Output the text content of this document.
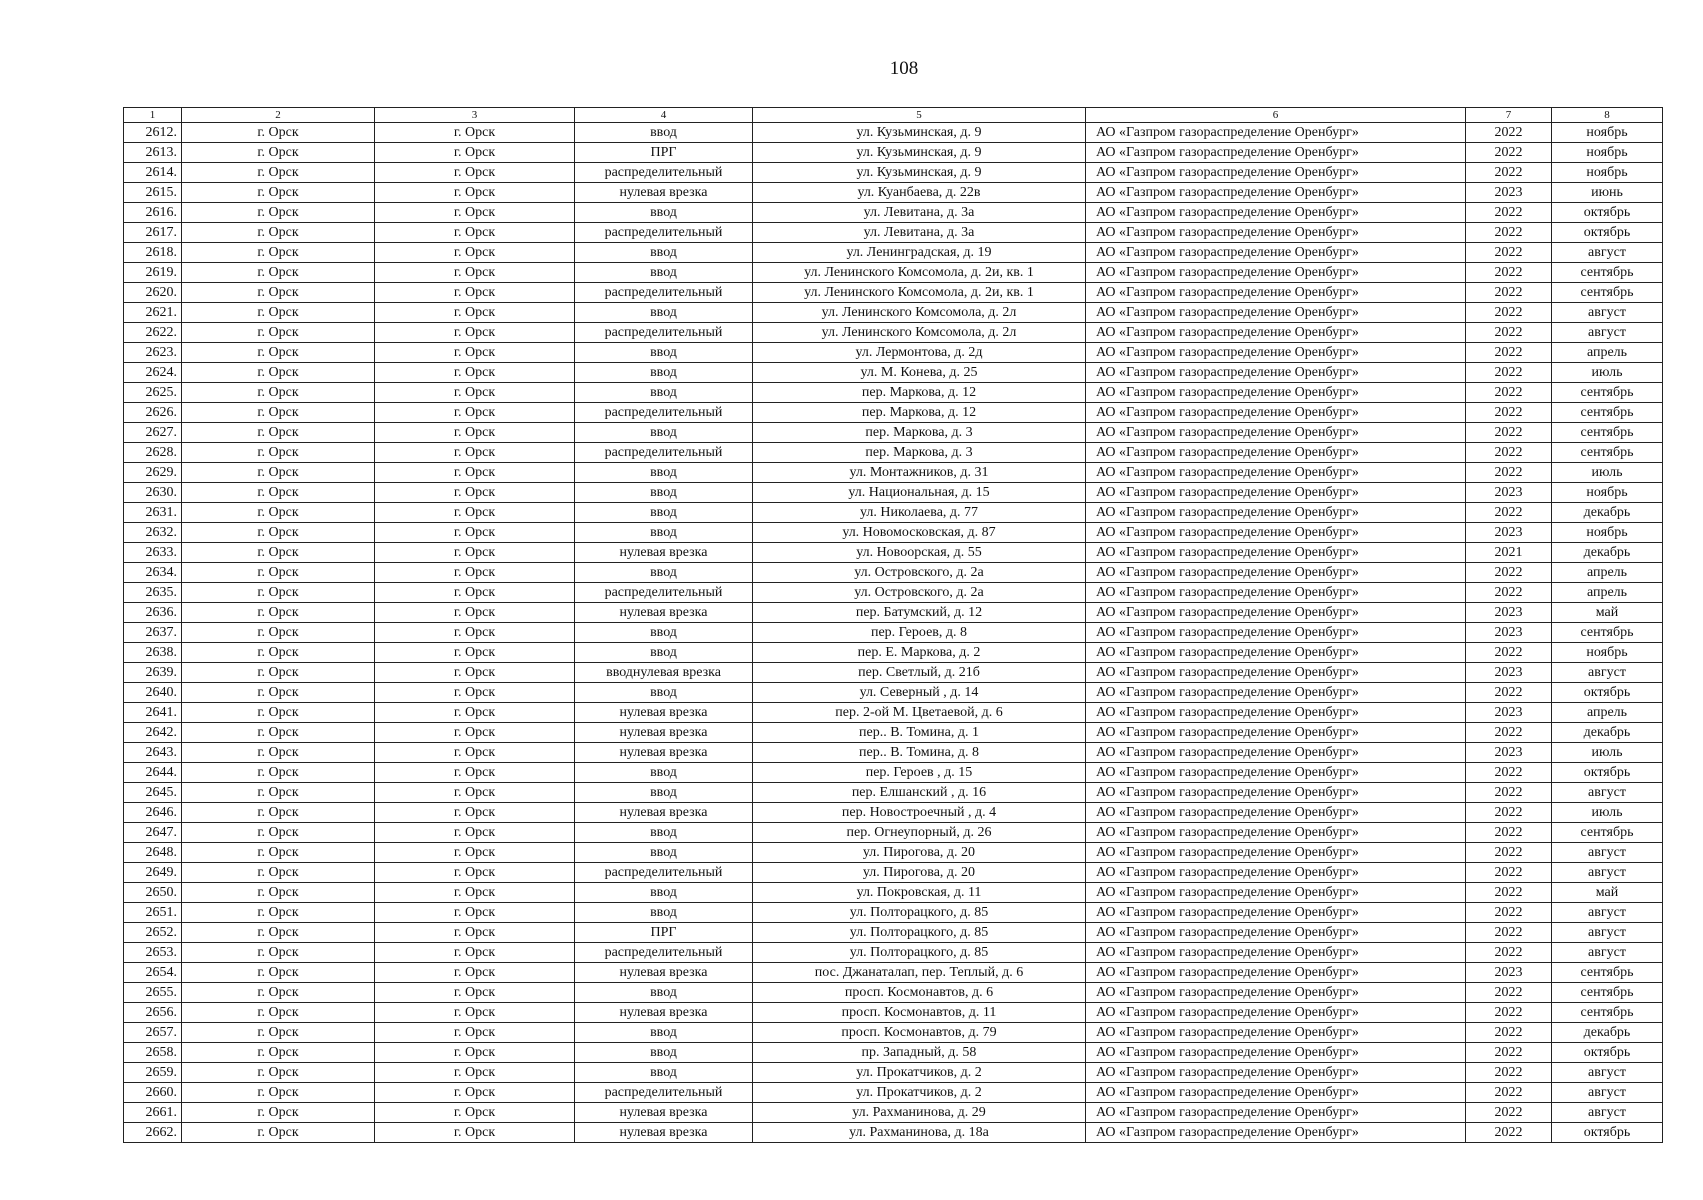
108
1	2	3	4	5	6	7	8
2612.	г. Орск	г. Орск	ввод	ул. Кузьминская, д. 9	АО «Газпром газораспределение Оренбург»	2022	ноябрь
2613.	г. Орск	г. Орск	ПРГ	ул. Кузьминская, д. 9	АО «Газпром газораспределение Оренбург»	2022	ноябрь
2614.	г. Орск	г. Орск	распределительный	ул. Кузьминская, д. 9	АО «Газпром газораспределение Оренбург»	2022	ноябрь
2615.	г. Орск	г. Орск	нулевая врезка	ул. Куанбаева, д. 22в	АО «Газпром газораспределение Оренбург»	2023	июнь
2616.	г. Орск	г. Орск	ввод	ул. Левитана, д. 3а	АО «Газпром газораспределение Оренбург»	2022	октябрь
2617.	г. Орск	г. Орск	распределительный	ул. Левитана, д. 3а	АО «Газпром газораспределение Оренбург»	2022	октябрь
2618.	г. Орск	г. Орск	ввод	ул. Ленинградская, д. 19	АО «Газпром газораспределение Оренбург»	2022	август
2619.	г. Орск	г. Орск	ввод	ул. Ленинского Комсомола, д. 2и, кв. 1	АО «Газпром газораспределение Оренбург»	2022	сентябрь
2620.	г. Орск	г. Орск	распределительный	ул. Ленинского Комсомола, д. 2и, кв. 1	АО «Газпром газораспределение Оренбург»	2022	сентябрь
2621.	г. Орск	г. Орск	ввод	ул. Ленинского Комсомола, д. 2л	АО «Газпром газораспределение Оренбург»	2022	август
2622.	г. Орск	г. Орск	распределительный	ул. Ленинского Комсомола, д. 2л	АО «Газпром газораспределение Оренбург»	2022	август
2623.	г. Орск	г. Орск	ввод	ул. Лермонтова, д. 2д	АО «Газпром газораспределение Оренбург»	2022	апрель
2624.	г. Орск	г. Орск	ввод	ул. М. Конева, д. 25	АО «Газпром газораспределение Оренбург»	2022	июль
2625.	г. Орск	г. Орск	ввод	пер. Маркова, д. 12	АО «Газпром газораспределение Оренбург»	2022	сентябрь
2626.	г. Орск	г. Орск	распределительный	пер. Маркова, д. 12	АО «Газпром газораспределение Оренбург»	2022	сентябрь
2627.	г. Орск	г. Орск	ввод	пер. Маркова, д. 3	АО «Газпром газораспределение Оренбург»	2022	сентябрь
2628.	г. Орск	г. Орск	распределительный	пер. Маркова, д. 3	АО «Газпром газораспределение Оренбург»	2022	сентябрь
2629.	г. Орск	г. Орск	ввод	ул. Монтажников, д. 31	АО «Газпром газораспределение Оренбург»	2022	июль
2630.	г. Орск	г. Орск	ввод	ул. Национальная, д. 15	АО «Газпром газораспределение Оренбург»	2023	ноябрь
2631.	г. Орск	г. Орск	ввод	ул. Николаева, д. 77	АО «Газпром газораспределение Оренбург»	2022	декабрь
2632.	г. Орск	г. Орск	ввод	ул. Новомосковская, д. 87	АО «Газпром газораспределение Оренбург»	2023	ноябрь
2633.	г. Орск	г. Орск	нулевая врезка	ул. Новоорская, д. 55	АО «Газпром газораспределение Оренбург»	2021	декабрь
2634.	г. Орск	г. Орск	ввод	ул. Островского, д. 2а	АО «Газпром газораспределение Оренбург»	2022	апрель
2635.	г. Орск	г. Орск	распределительный	ул. Островского, д. 2а	АО «Газпром газораспределение Оренбург»	2022	апрель
2636.	г. Орск	г. Орск	нулевая врезка	пер. Батумский, д. 12	АО «Газпром газораспределение Оренбург»	2023	май
2637.	г. Орск	г. Орск	ввод	пер. Героев, д. 8	АО «Газпром газораспределение Оренбург»	2023	сентябрь
2638.	г. Орск	г. Орск	ввод	пер. Е. Маркова, д. 2	АО «Газпром газораспределение Оренбург»	2022	ноябрь
2639.	г. Орск	г. Орск	вводнулевая врезка	пер. Светлый, д. 21б	АО «Газпром газораспределение Оренбург»	2023	август
2640.	г. Орск	г. Орск	ввод	ул. Северный , д. 14	АО «Газпром газораспределение Оренбург»	2022	октябрь
2641.	г. Орск	г. Орск	нулевая врезка	пер. 2-ой М. Цветаевой, д. 6	АО «Газпром газораспределение Оренбург»	2023	апрель
2642.	г. Орск	г. Орск	нулевая врезка	пер.. В. Томина, д. 1	АО «Газпром газораспределение Оренбург»	2022	декабрь
2643.	г. Орск	г. Орск	нулевая врезка	пер.. В. Томина, д. 8	АО «Газпром газораспределение Оренбург»	2023	июль
2644.	г. Орск	г. Орск	ввод	пер. Героев , д. 15	АО «Газпром газораспределение Оренбург»	2022	октябрь
2645.	г. Орск	г. Орск	ввод	пер. Елшанский , д. 16	АО «Газпром газораспределение Оренбург»	2022	август
2646.	г. Орск	г. Орск	нулевая врезка	пер. Новостроечный , д. 4	АО «Газпром газораспределение Оренбург»	2022	июль
2647.	г. Орск	г. Орск	ввод	пер. Огнеупорный, д. 26	АО «Газпром газораспределение Оренбург»	2022	сентябрь
2648.	г. Орск	г. Орск	ввод	ул. Пирогова, д. 20	АО «Газпром газораспределение Оренбург»	2022	август
2649.	г. Орск	г. Орск	распределительный	ул. Пирогова, д. 20	АО «Газпром газораспределение Оренбург»	2022	август
2650.	г. Орск	г. Орск	ввод	ул. Покровская, д. 11	АО «Газпром газораспределение Оренбург»	2022	май
2651.	г. Орск	г. Орск	ввод	ул. Полторацкого, д. 85	АО «Газпром газораспределение Оренбург»	2022	август
2652.	г. Орск	г. Орск	ПРГ	ул. Полторацкого, д. 85	АО «Газпром газораспределение Оренбург»	2022	август
2653.	г. Орск	г. Орск	распределительный	ул. Полторацкого, д. 85	АО «Газпром газораспределение Оренбург»	2022	август
2654.	г. Орск	г. Орск	нулевая врезка	пос. Джанаталап, пер. Теплый, д. 6	АО «Газпром газораспределение Оренбург»	2023	сентябрь
2655.	г. Орск	г. Орск	ввод	просп. Космонавтов, д. 6	АО «Газпром газораспределение Оренбург»	2022	сентябрь
2656.	г. Орск	г. Орск	нулевая врезка	просп. Космонавтов, д. 11	АО «Газпром газораспределение Оренбург»	2022	сентябрь
2657.	г. Орск	г. Орск	ввод	просп. Космонавтов, д. 79	АО «Газпром газораспределение Оренбург»	2022	декабрь
2658.	г. Орск	г. Орск	ввод	пр. Западный, д. 58	АО «Газпром газораспределение Оренбург»	2022	октябрь
2659.	г. Орск	г. Орск	ввод	ул. Прокатчиков, д. 2	АО «Газпром газораспределение Оренбург»	2022	август
2660.	г. Орск	г. Орск	распределительный	ул. Прокатчиков, д. 2	АО «Газпром газораспределение Оренбург»	2022	август
2661.	г. Орск	г. Орск	нулевая врезка	ул. Рахманинова, д. 29	АО «Газпром газораспределение Оренбург»	2022	август
2662.	г. Орск	г. Орск	нулевая врезка	ул. Рахманинова, д. 18а	АО «Газпром газораспределение Оренбург»	2022	октябрь
